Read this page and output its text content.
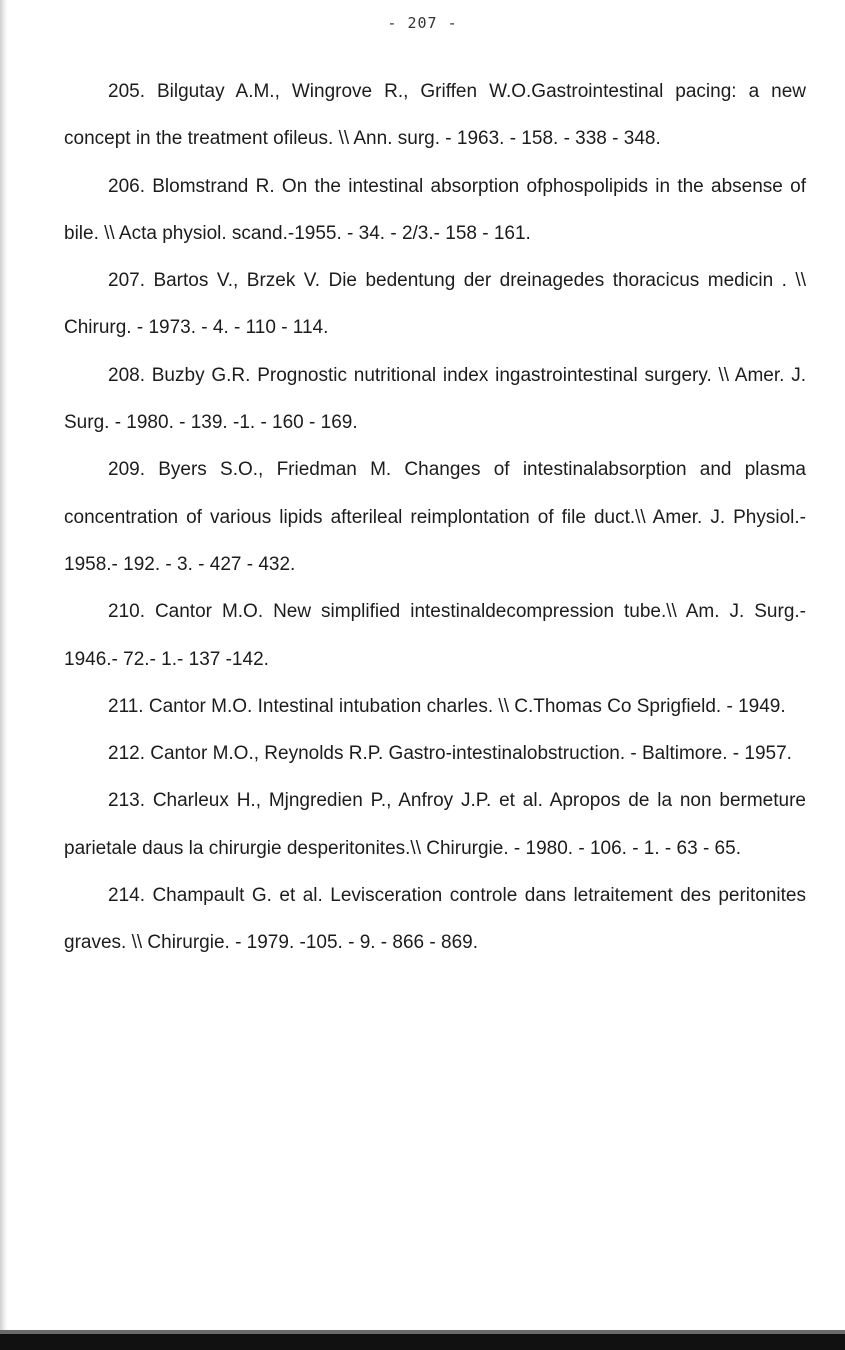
- 207 -

205. Bilgutay A.M., Wingrove R., Griffen W.O.Gastrointestinal pacing: a new concept in the treatment ofileus. \\ Ann. surg. - 1963. - 158. - 338 - 348.

206. Blomstrand R. On the intestinal absorption ofphospolipids in the absense of bile. \\ Acta physiol. scand.-1955. - 34. - 2/3.- 158 - 161.

207. Bartos V., Brzek V. Die bedentung der dreinagedes thoracicus medicin . \\ Chirurg. - 1973. - 4. - 110 - 114.

208. Buzby G.R. Prognostic nutritional index ingastrointestinal surgery. \\ Amer. J. Surg. - 1980. - 139. -1. - 160 - 169.

209. Byers S.O., Friedman M. Changes of intestinalabsorption and plasma concentration of various lipids afterileal reimplontation of file duct.\\ Amer. J. Physiol.- 1958.- 192. - 3. - 427 - 432.

210. Cantor M.O. New simplified intestinaldecompression tube.\\ Am. J. Surg.- 1946.- 72.- 1.- 137 -142.

211. Cantor M.O. Intestinal intubation charles. \\ C.Thomas Co Sprigfield. - 1949.

212. Cantor M.O., Reynolds R.P. Gastro-intestinalobstruction. - Baltimore. - 1957.

213. Charleux H., Mjngredien P., Anfroy J.P. et al. Apropos de la non bermeture parietale daus la chirurgie desperitonites.\\ Chirurgie. - 1980. - 106. - 1. - 63 - 65.

214. Champault G. et al. Levisceration controle dans letraitement des peritonites graves. \\ Chirurgie. - 1979. -105. - 9. - 866 - 869.
